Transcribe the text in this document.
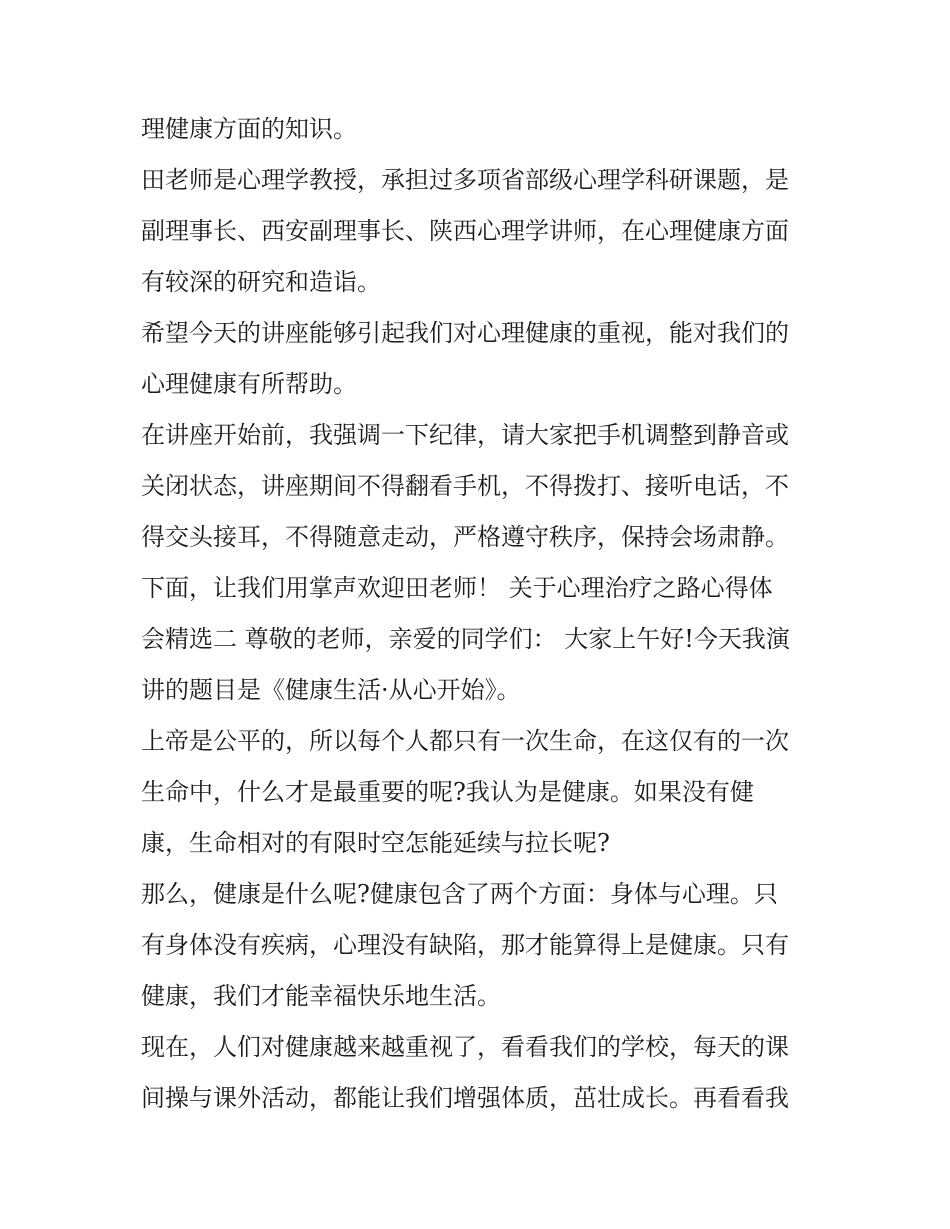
理健康方面的知识。
田老师是心理学教授，承担过多项省部级心理学科研课题，是
副理事长、西安副理事长、陕西心理学讲师，在心理健康方面
有较深的研究和造诣。
希望今天的讲座能够引起我们对心理健康的重视，能对我们的
心理健康有所帮助。
在讲座开始前，我强调一下纪律，请大家把手机调整到静音或
关闭状态，讲座期间不得翻看手机，不得拨打、接听电话，不
得交头接耳，不得随意走动，严格遵守秩序，保持会场肃静。
下面，让我们用掌声欢迎田老师！ 关于心理治疗之路心得体
会精选二 尊敬的老师，亲爱的同学们： 大家上午好!今天我演
讲的题目是《健康生活·从心开始》。
上帝是公平的，所以每个人都只有一次生命，在这仅有的一次
生命中，什么才是最重要的呢?我认为是健康。如果没有健
康，生命相对的有限时空怎能延续与拉长呢?
那么，健康是什么呢?健康包含了两个方面：身体与心理。只
有身体没有疾病，心理没有缺陷，那才能算得上是健康。只有
健康，我们才能幸福快乐地生活。
现在，人们对健康越来越重视了，看看我们的学校，每天的课
间操与课外活动，都能让我们增强体质，茁壮成长。再看看我
